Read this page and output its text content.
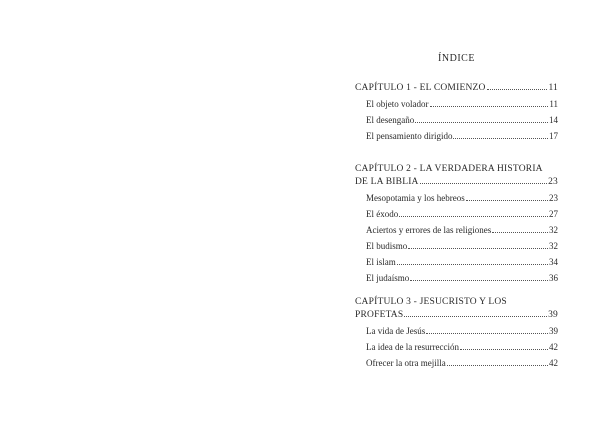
ÍNDICE
CAPÍTULO 1 - EL COMIENZO	11
El objeto volador	11
El desengaño	14
El pensamiento dirigido	17
CAPÍTULO 2 - LA VERDADERA HISTORIA
DE LA BIBLIA	23
Mesopotamia y los hebreos	23
El éxodo	27
Aciertos y errores de las religiones	32
El budismo	32
El islam	34
El judaísmo	36
CAPÍTULO 3 - JESUCRISTO Y LOS
PROFETAS	39
La vida de Jesús	39
La idea de la resurrección	42
Ofrecer la otra mejilla	42
